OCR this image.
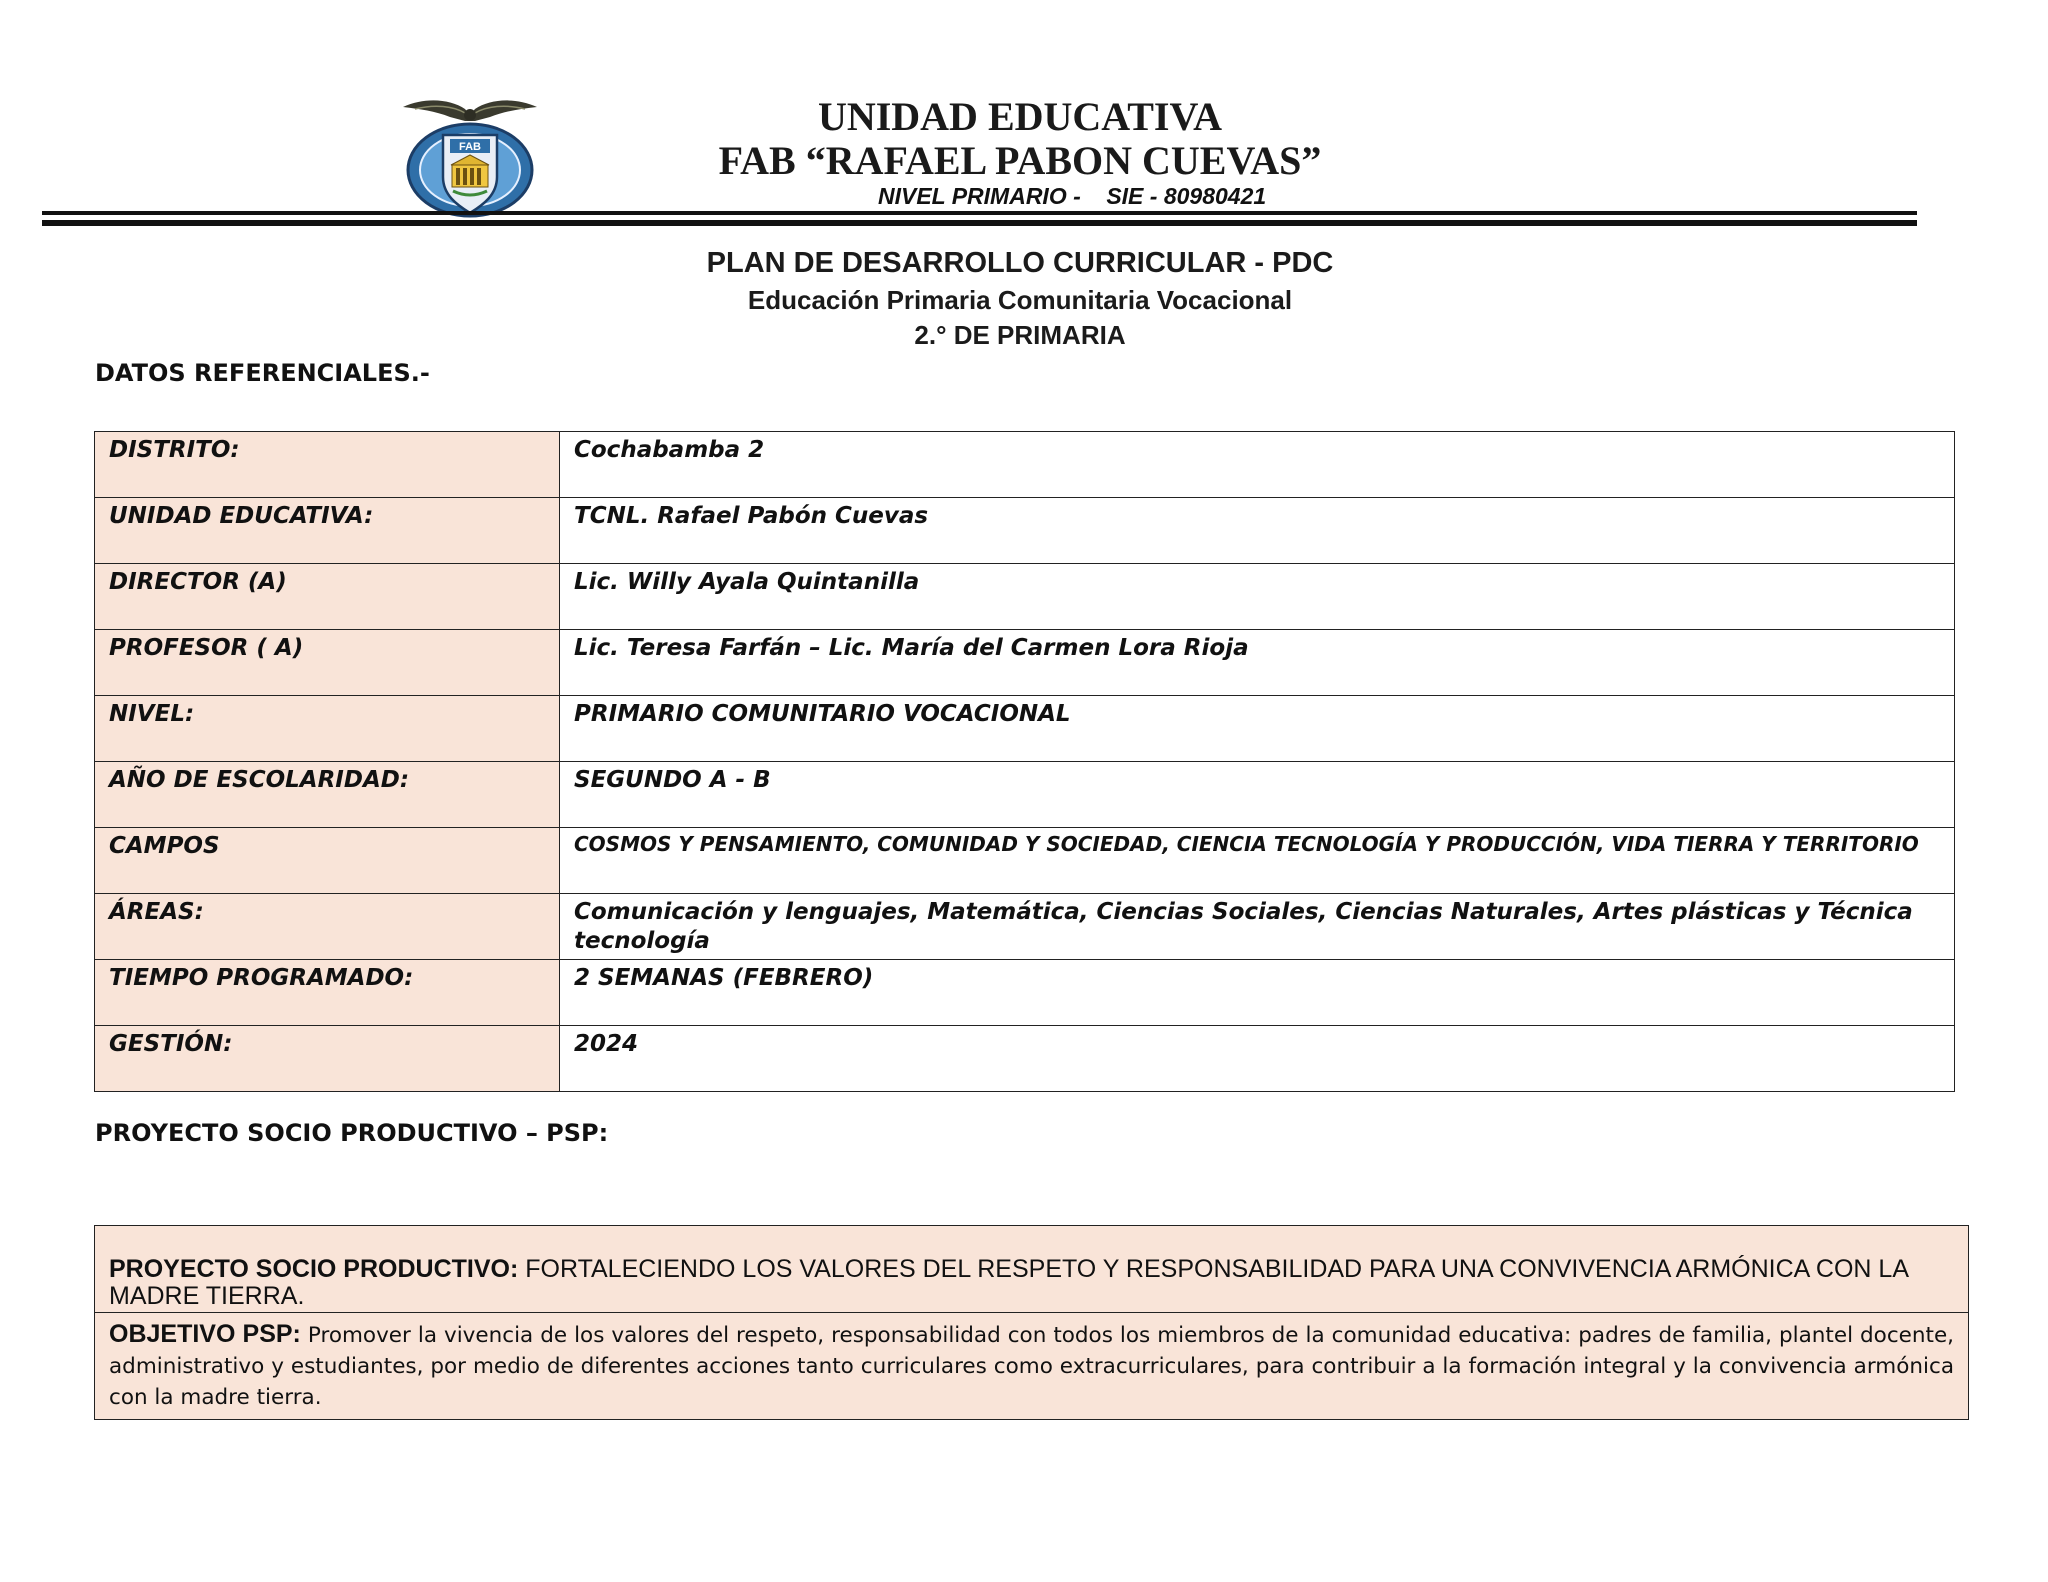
FAB
UNIDAD EDUCATIVA
FAB “RAFAEL PABON CUEVAS”
NIVEL PRIMARIO -    SIE - 80980421
PLAN DE DESARROLLO CURRICULAR - PDC
Educación Primaria Comunitaria Vocacional
2.° DE PRIMARIA
DATOS REFERENCIALES.-
DISTRITO:	Cochabamba 2
UNIDAD EDUCATIVA:	TCNL. Rafael Pabón Cuevas
DIRECTOR (A)	Lic. Willy Ayala Quintanilla
PROFESOR ( A)	Lic. Teresa Farfán – Lic. María del Carmen Lora Rioja
NIVEL:	PRIMARIO COMUNITARIO VOCACIONAL
AÑO DE ESCOLARIDAD:	SEGUNDO A - B
CAMPOS	COSMOS Y PENSAMIENTO, COMUNIDAD Y SOCIEDAD, CIENCIA TECNOLOGÍA Y PRODUCCIÓN, VIDA TIERRA Y TERRITORIO
ÁREAS:	Comunicación y lenguajes, Matemática, Ciencias Sociales, Ciencias Naturales, Artes plásticas y Técnica tecnología
TIEMPO PROGRAMADO:	2 SEMANAS (FEBRERO)
GESTIÓN:	2024
PROYECTO SOCIO PRODUCTIVO – PSP:
PROYECTO SOCIO PRODUCTIVO: FORTALECIENDO LOS VALORES DEL RESPETO Y RESPONSABILIDAD PARA UNA CONVIVENCIA ARMÓNICA CON LA MADRE TIERRA.
OBJETIVO PSP: Promover la vivencia de los valores del respeto, responsabilidad con todos los miembros de la comunidad educativa: padres de familia, plantel docente, administrativo y estudiantes, por medio de diferentes acciones tanto curriculares como extracurriculares, para contribuir a la formación integral y la convivencia armónica con la madre tierra.
